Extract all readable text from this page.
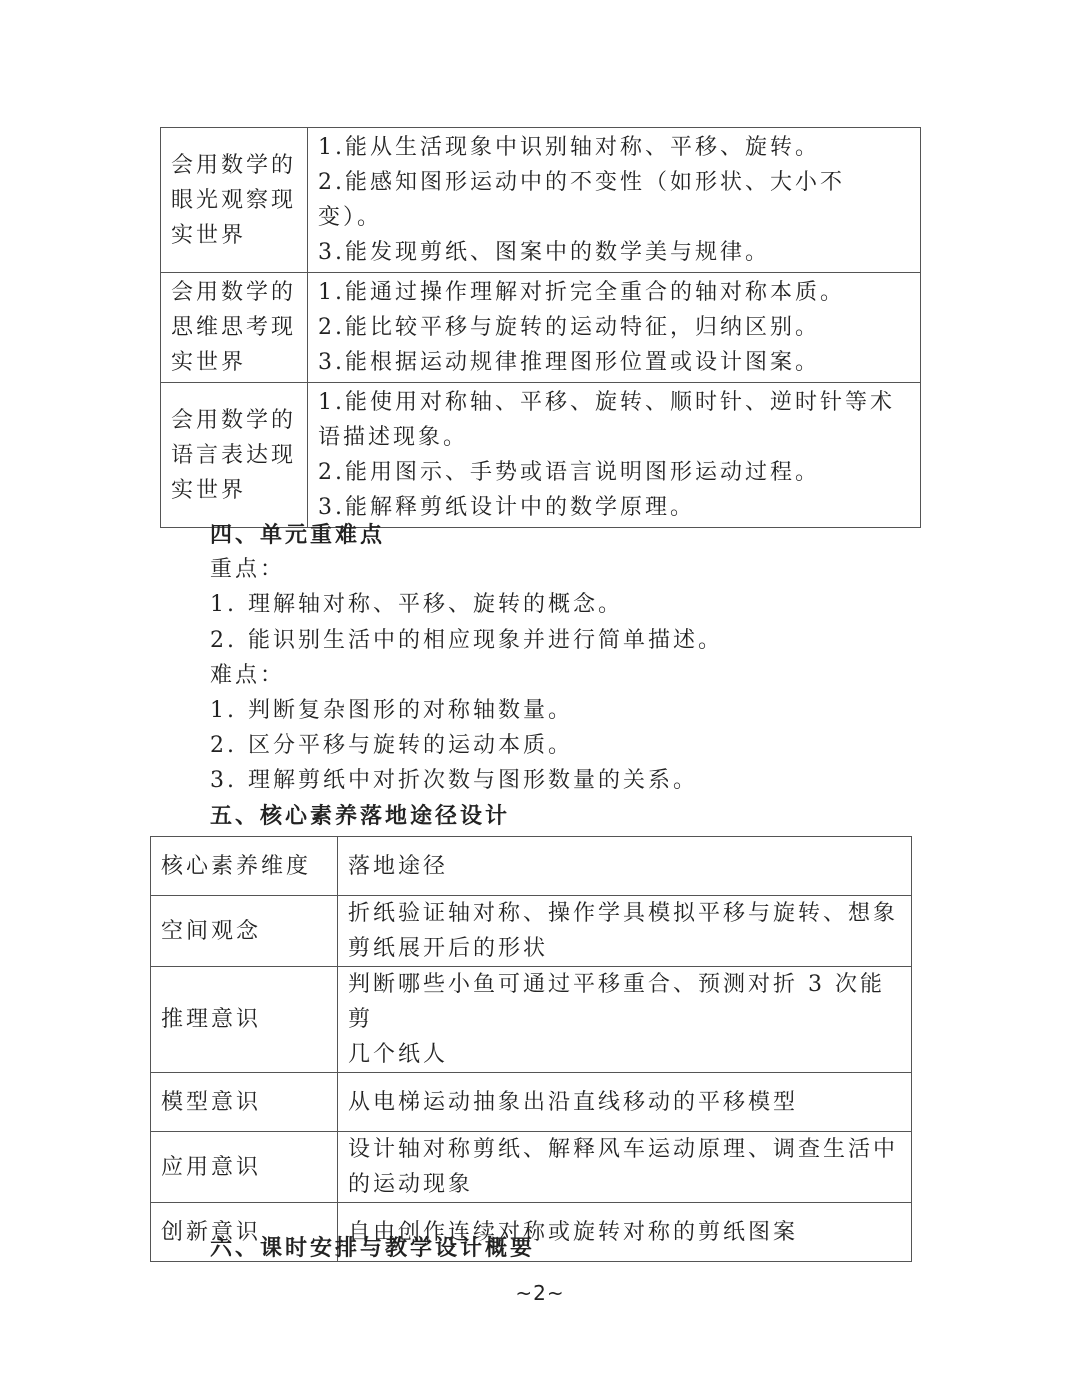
会用数学的
眼光观察现
实世界	1.能从生活现象中识别轴对称、平移、旋转。
2.能感知图形运动中的不变性（如形状、大小不
变）。
3.能发现剪纸、图案中的数学美与规律。

会用数学的
思维思考现
实世界	1.能通过操作理解对折完全重合的轴对称本质。
2.能比较平移与旋转的运动特征，归纳区别。
3.能根据运动规律推理图形位置或设计图案。

会用数学的
语言表达现
实世界	1.能使用对称轴、平移、旋转、顺时针、逆时针等术
语描述现象。
2.能用图示、手势或语言说明图形运动过程。
3.能解释剪纸设计中的数学原理。
四、单元重难点
重点：
1. 理解轴对称、平移、旋转的概念。
2. 能识别生活中的相应现象并进行简单描述。
难点：
1. 判断复杂图形的对称轴数量。
2. 区分平移与旋转的运动本质。
3. 理解剪纸中对折次数与图形数量的关系。
五、核心素养落地途径设计
核心素养维度	落地途径
空间观念	折纸验证轴对称、操作学具模拟平移与旋转、想象
剪纸展开后的形状

推理意识	判断哪些小鱼可通过平移重合、预测对折 3 次能剪
几个纸人

模型意识	从电梯运动抽象出沿直线移动的平移模型

应用意识	设计轴对称剪纸、解释风车运动原理、调查生活中
的运动现象

创新意识	自由创作连续对称或旋转对称的剪纸图案
六、课时安排与教学设计概要
~2~
